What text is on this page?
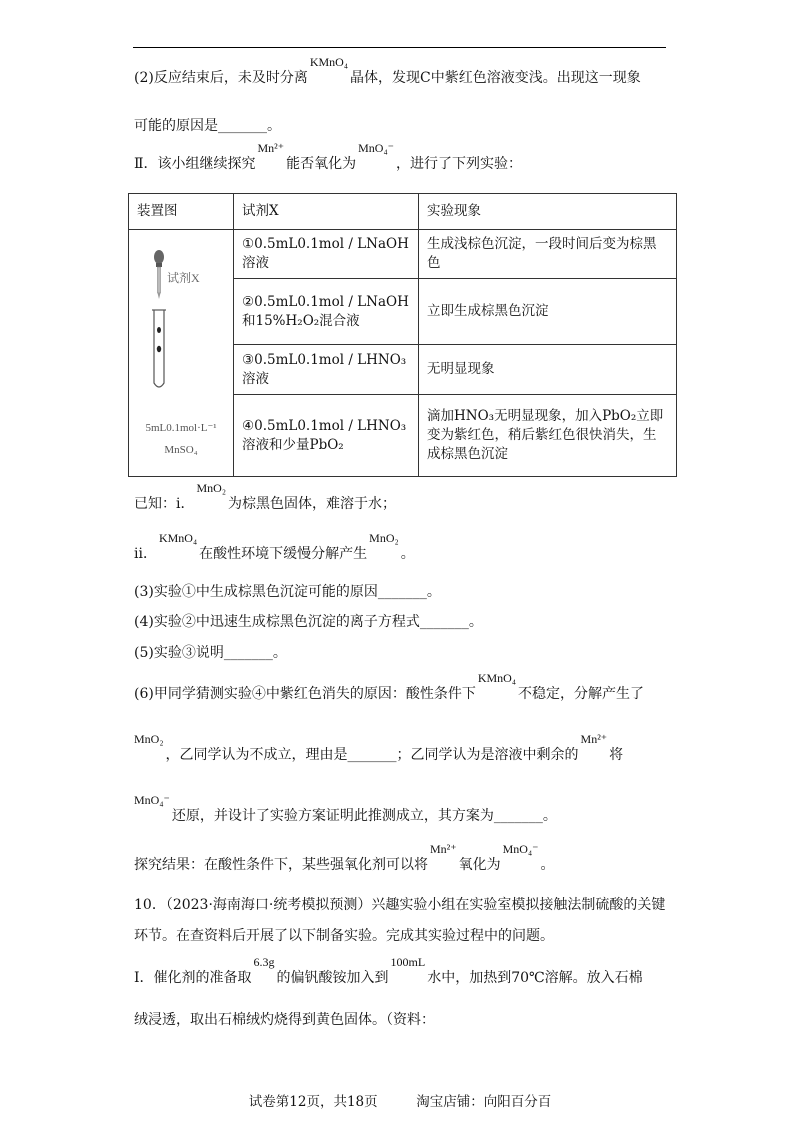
(2)反应结束后，未及时分离KMnO₄晶体，发现C中紫红色溶液变浅。出现这一现象
可能的原因是_______。
Ⅱ．该小组继续探究Mn²⁺能否氧化为MnO₄⁻，进行了下列实验：
装置图	试剂X	实验现象

试剂X
5mL0.1mol·L⁻¹
MnSO₄	①0.5mL0.1mol / LNaOH溶液	生成浅棕色沉淀，一段时间后变为棕黑色
	②0.5mL0.1mol / LNaOH和15%H₂O₂混合液	立即生成棕黑色沉淀
	③0.5mL0.1mol / LHNO₃溶液	无明显现象
	④0.5mL0.1mol / LHNO₃溶液和少量PbO₂	滴加HNO₃无明显现象，加入PbO₂立即变为紫红色，稍后紫红色很快消失，生成棕黑色沉淀
已知：ⅰ．MnO₂为棕黑色固体，难溶于水；
ⅱ．KMnO₄在酸性环境下缓慢分解产生MnO₂。
(3)实验①中生成棕黑色沉淀可能的原因_______。
(4)实验②中迅速生成棕黑色沉淀的离子方程式_______。
(5)实验③说明_______。
(6)甲同学猜测实验④中紫红色消失的原因：酸性条件下KMnO₄不稳定，分解产生了
MnO₂，乙同学认为不成立，理由是_______；乙同学认为是溶液中剩余的Mn²⁺将
MnO₄⁻还原，并设计了实验方案证明此推测成立，其方案为_______。
探究结果：在酸性条件下，某些强氧化剂可以将Mn²⁺氧化为MnO₄⁻。
10．（2023·海南海口·统考模拟预测）兴趣实验小组在实验室模拟接触法制硫酸的关键
环节。在查资料后开展了以下制备实验。完成其实验过程中的问题。
Ⅰ．催化剂的准备取6.3g的偏钒酸铵加入到100mL水中，加热到70℃溶解。放入石棉
绒浸透，取出石棉绒灼烧得到黄色固体。（资料：
试卷第12页，共18页	淘宝店铺：向阳百分百
